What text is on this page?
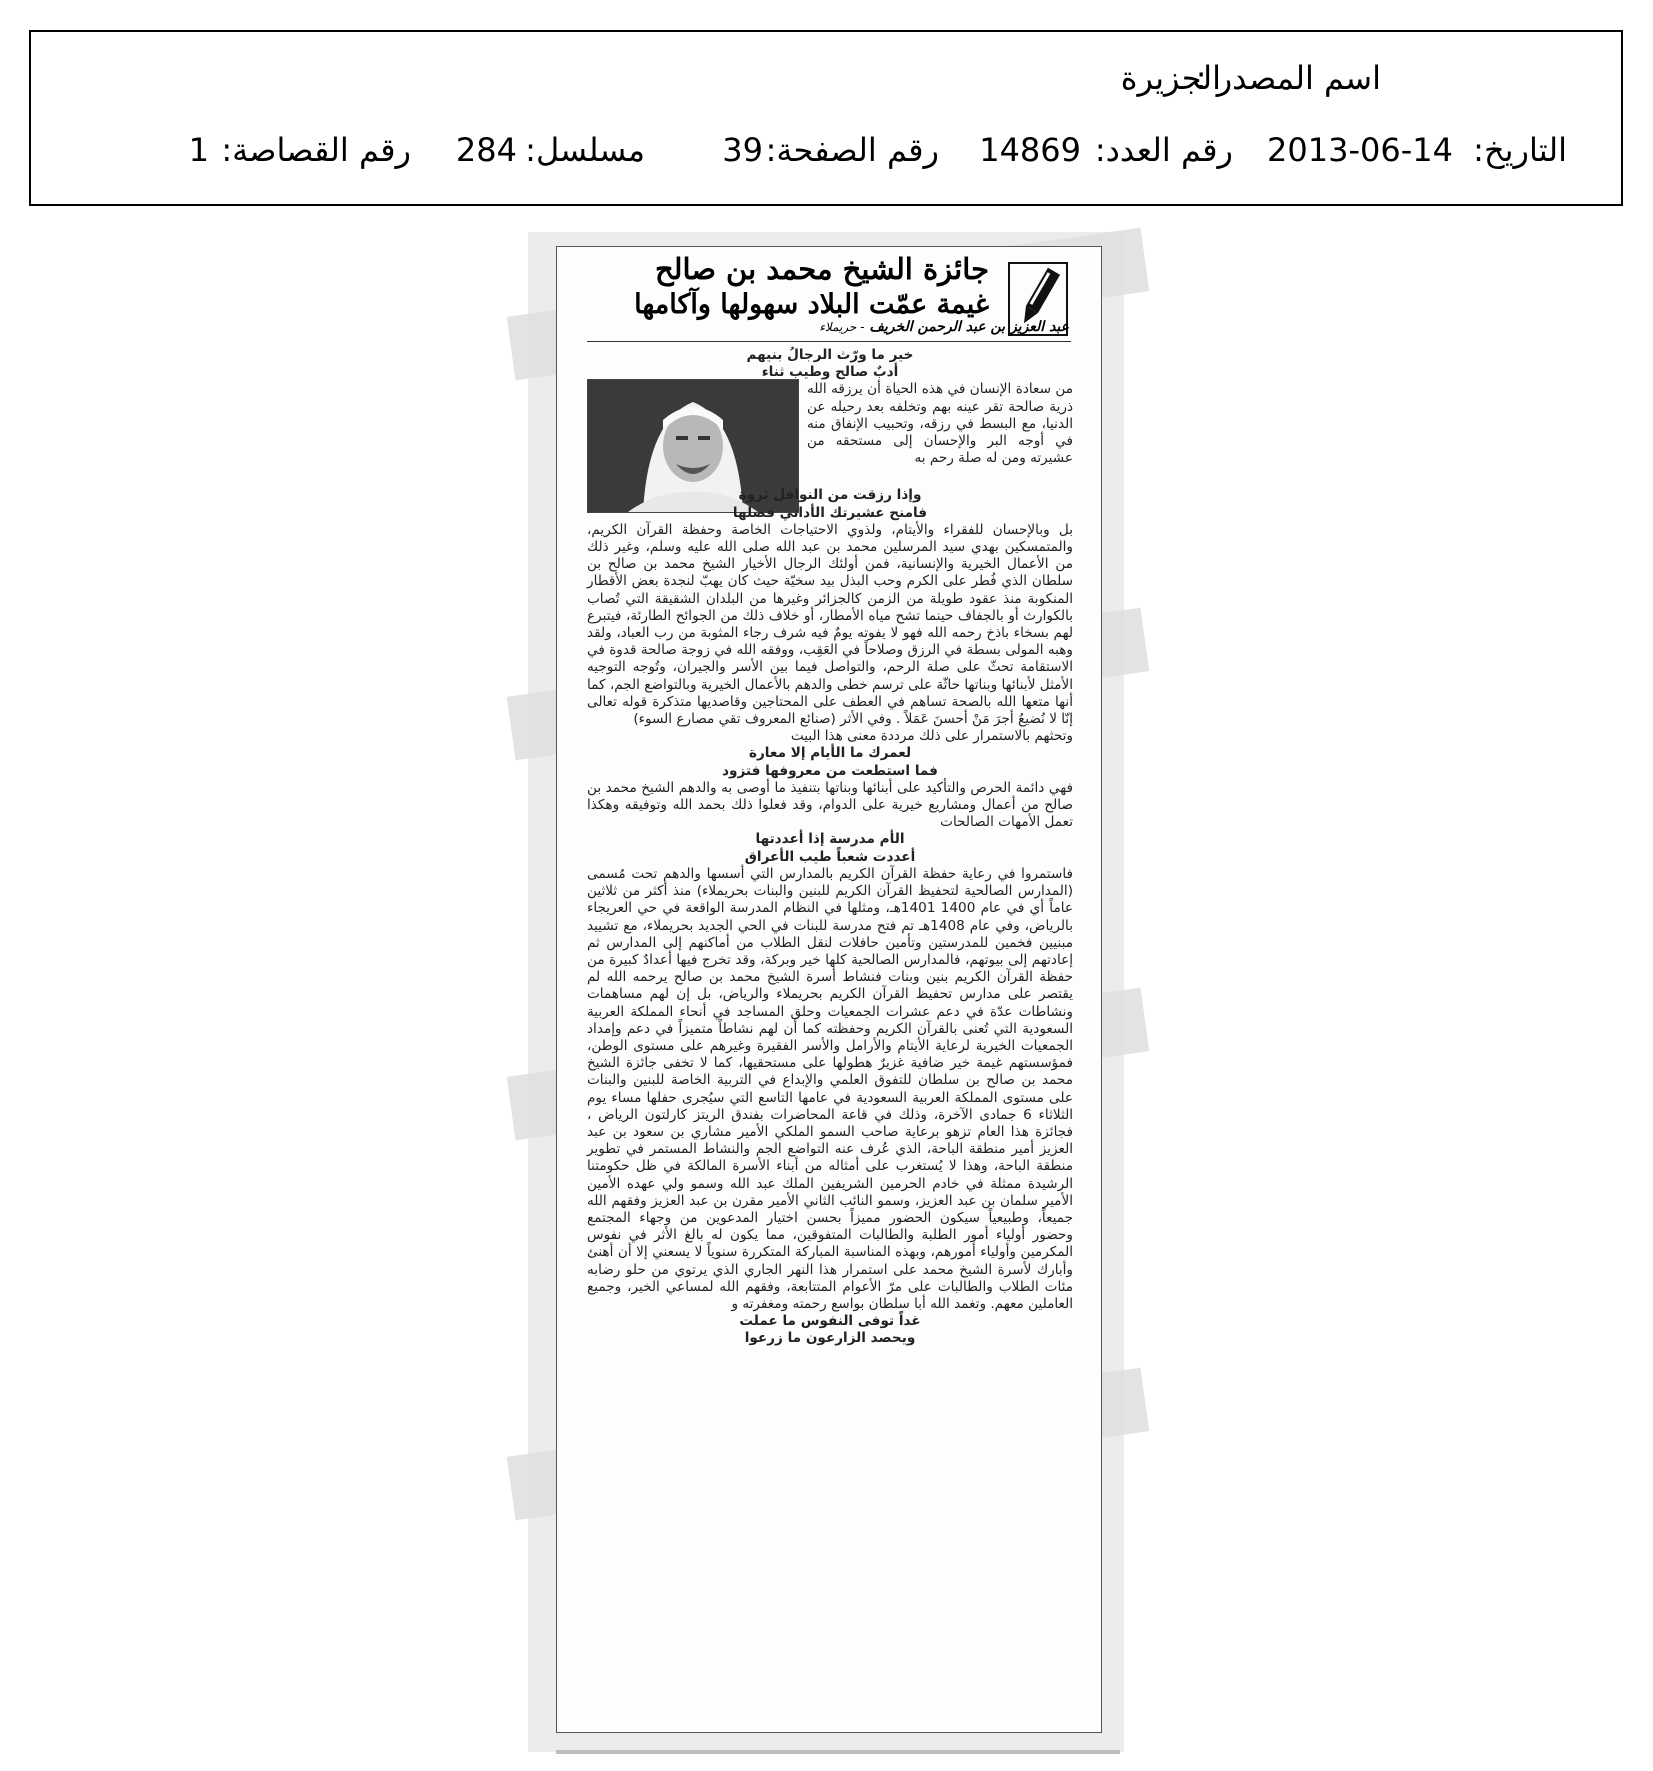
اسم المصدر :
الجزيرة
التاريخ:
2013-06-14
رقم العدد:
14869
رقم الصفحة:
39
مسلسل:
284
رقم القصاصة:
1
جائزة الشيخ محمد بن صالح
غيمة عمّت البلاد سهولها وآكامها
عبد العزيز بن عبد الرحمن الخريف - حريملاء

خير ما ورّث الرجالُ بنيهم

أدبٌ صالح وطيب ثناء

من سعادة الإنسان في هذه الحياة أن يرزقه الله ذرية صالحة تقر عينه بهم وتخلفه بعد رحيله عن الدنيا، مع البسط في رزقه، وتحبيب الإنفاق منه في أوجه البر والإحسان إلى مستحقه من عشيرته ومن له صلة رحم به

وإذا رزقت من النوافل ثروة

فامنح عشيرتك الأداني فضلها

بل وبالإحسان للفقراء والأيتام، ولذوي الاحتياجات الخاصة وحفظة القرآن الكريم، والمتمسكين بهدي سيد المرسلين محمد بن عبد الله صلى الله عليه وسلم، وغير ذلك من الأعمال الخيرية والإنسانية، فمن أولئك الرجال الأخيار الشيخ محمد بن صالح بن سلطان الذي فُطر على الكرم وحب البذل بيد سخيّة حيث كان يهبّ لنجدة بعض الأقطار المنكوبة منذ عقود طويلة من الزمن كالجزائر وغيرها من البلدان الشقيقة التي تُصاب بالكوارث أو بالجفاف حينما تشح مياه الأمطار، أو خلاف ذلك من الجوائح الطارئة، فيتبرع لهم بسخاء باذخ رحمه الله فهو لا يفوته يومٌ فيه شرف رجاء المثوبة من رب العباد، ولقد وهبه المولى بسطة في الرزق وصلاحاً في العَقِب، ووفقه الله في زوجة صالحة قدوة في الاستقامة تحثّ على صلة الرحم، والتواصل فيما بين الأسر والجيران، وتُوجه التوجيه الأمثل لأبنائها وبناتها حاثّة على ترسم خطى والدهم بالأعمال الخيرية وبالتواضع الجم، كما أنها متعها الله بالصحة تساهم في العطف على المحتاجين وقاصديها متذكرة قوله تعالى إنّا لا نُضيعُ أجرَ مَنْ أحسنَ عَمَلاً . وفي الأثر (صنائع المعروف تقي مصارع السوء)

وتحثهم بالاستمرار على ذلك مرددة معنى هذا البيت

لعمرك ما الأيام إلا معارة

فما استطعت من معروفها فتزود

فهي دائمة الحرص والتأكيد على أبنائها وبناتها بتنفيذ ما أوصى به والدهم الشيخ محمد بن صالح من أعمال ومشاريع خيرية على الدوام، وقد فعلوا ذلك بحمد الله وتوفيقه وهكذا تعمل الأمهات الصالحات

الأم مدرسة إذا أعددتها

أعددت شعباً طيب الأعراق

فاستمروا في رعاية حفظة القرآن الكريم بالمدارس التي أسسها والدهم تحت مُسمى (المدارس الصالحية لتحفيظ القرآن الكريم للبنين والبنات بحريملاء) منذ أكثر من ثلاثين عاماً أي في عام 1400 1401هـ، ومثلها في النظام المدرسة الواقعة في حي العريجاء بالرياض، وفي عام 1408هـ تم فتح مدرسة للبنات في الحي الجديد بحريملاء، مع تشييد مبنيين فخمين للمدرستين وتأمين حافلات لنقل الطلاب من أماكنهم إلى المدارس ثم إعادتهم إلى بيوتهم، فالمدارس الصالحية كلها خير وبركة، وقد تخرج فيها أعدادٌ كبيرة من حفظة القرآن الكريم بنين وبنات فنشاط أسرة الشيخ محمد بن صالح يرحمه الله لم يقتصر على مدارس تحفيظ القرآن الكريم بحريملاء والرياض، بل إن لهم مساهمات ونشاطات عدّة في دعم عشرات الجمعيات وحلق المساجد في أنحاء المملكة العربية السعودية التي تُعنى بالقرآن الكريم وحفظته كما أن لهم نشاطاً متميزاً في دعم وإمداد الجمعيات الخيرية لرعاية الأيتام والأرامل والأسر الفقيرة وغيرهم على مستوى الوطن، فمؤسستهم غيمة خير ضافية غزيرٌ هطولها على مستحقيها، كما لا تخفى جائزة الشيخ محمد بن صالح بن سلطان للتفوق العلمي والإبداع في التربية الخاصة للبنين والبنات على مستوى المملكة العربية السعودية في عامها التاسع التي سيُجرى حفلها مساء يوم الثلاثاء 6 جمادى الآخرة، وذلك في قاعة المحاضرات بفندق الريتز كارلتون الرياض ، فجائزة هذا العام تزهو برعاية صاحب السمو الملكي الأمير مشاري بن سعود بن عبد العزيز أمير منطقة الباحة، الذي عُرف عنه التواضع الجم والنشاط المستمر في تطوير منطقة الباحة، وهذا لا يُستغرب على أمثاله من أبناء الأسرة المالكة في ظل حكومتنا الرشيدة ممثلة في خادم الحرمين الشريفين الملك عبد الله وسمو ولي عهده الأمين الأمير سلمان بن عبد العزيز، وسمو النائب الثاني الأمير مقرن بن عبد العزيز وفقهم الله جميعاً، وطبيعياً سيكون الحضور مميزاً بحسن اختيار المدعوين من وجهاء المجتمع وحضور أولياء أمور الطلبة والطالبات المتفوقين، مما يكون له بالغ الأثر في نفوس المكرمين وأولياء أمورهم، وبهذه المناسبة المباركة المتكررة سنوياً لا يسعني إلا أن أهنئ وأبارك لأسرة الشيخ محمد على استمرار هذا النهر الجاري الذي يرتوي من حلو رضابه مئات الطلاب والطالبات على مرّ الأعوام المتتابعة، وفقهم الله لمساعي الخير، وجميع العاملين معهم. وتغمد الله أبا سلطان بواسع رحمته ومغفرته و

غداً توفى النفوس ما عملت

ويحصد الزارعون ما زرعوا
